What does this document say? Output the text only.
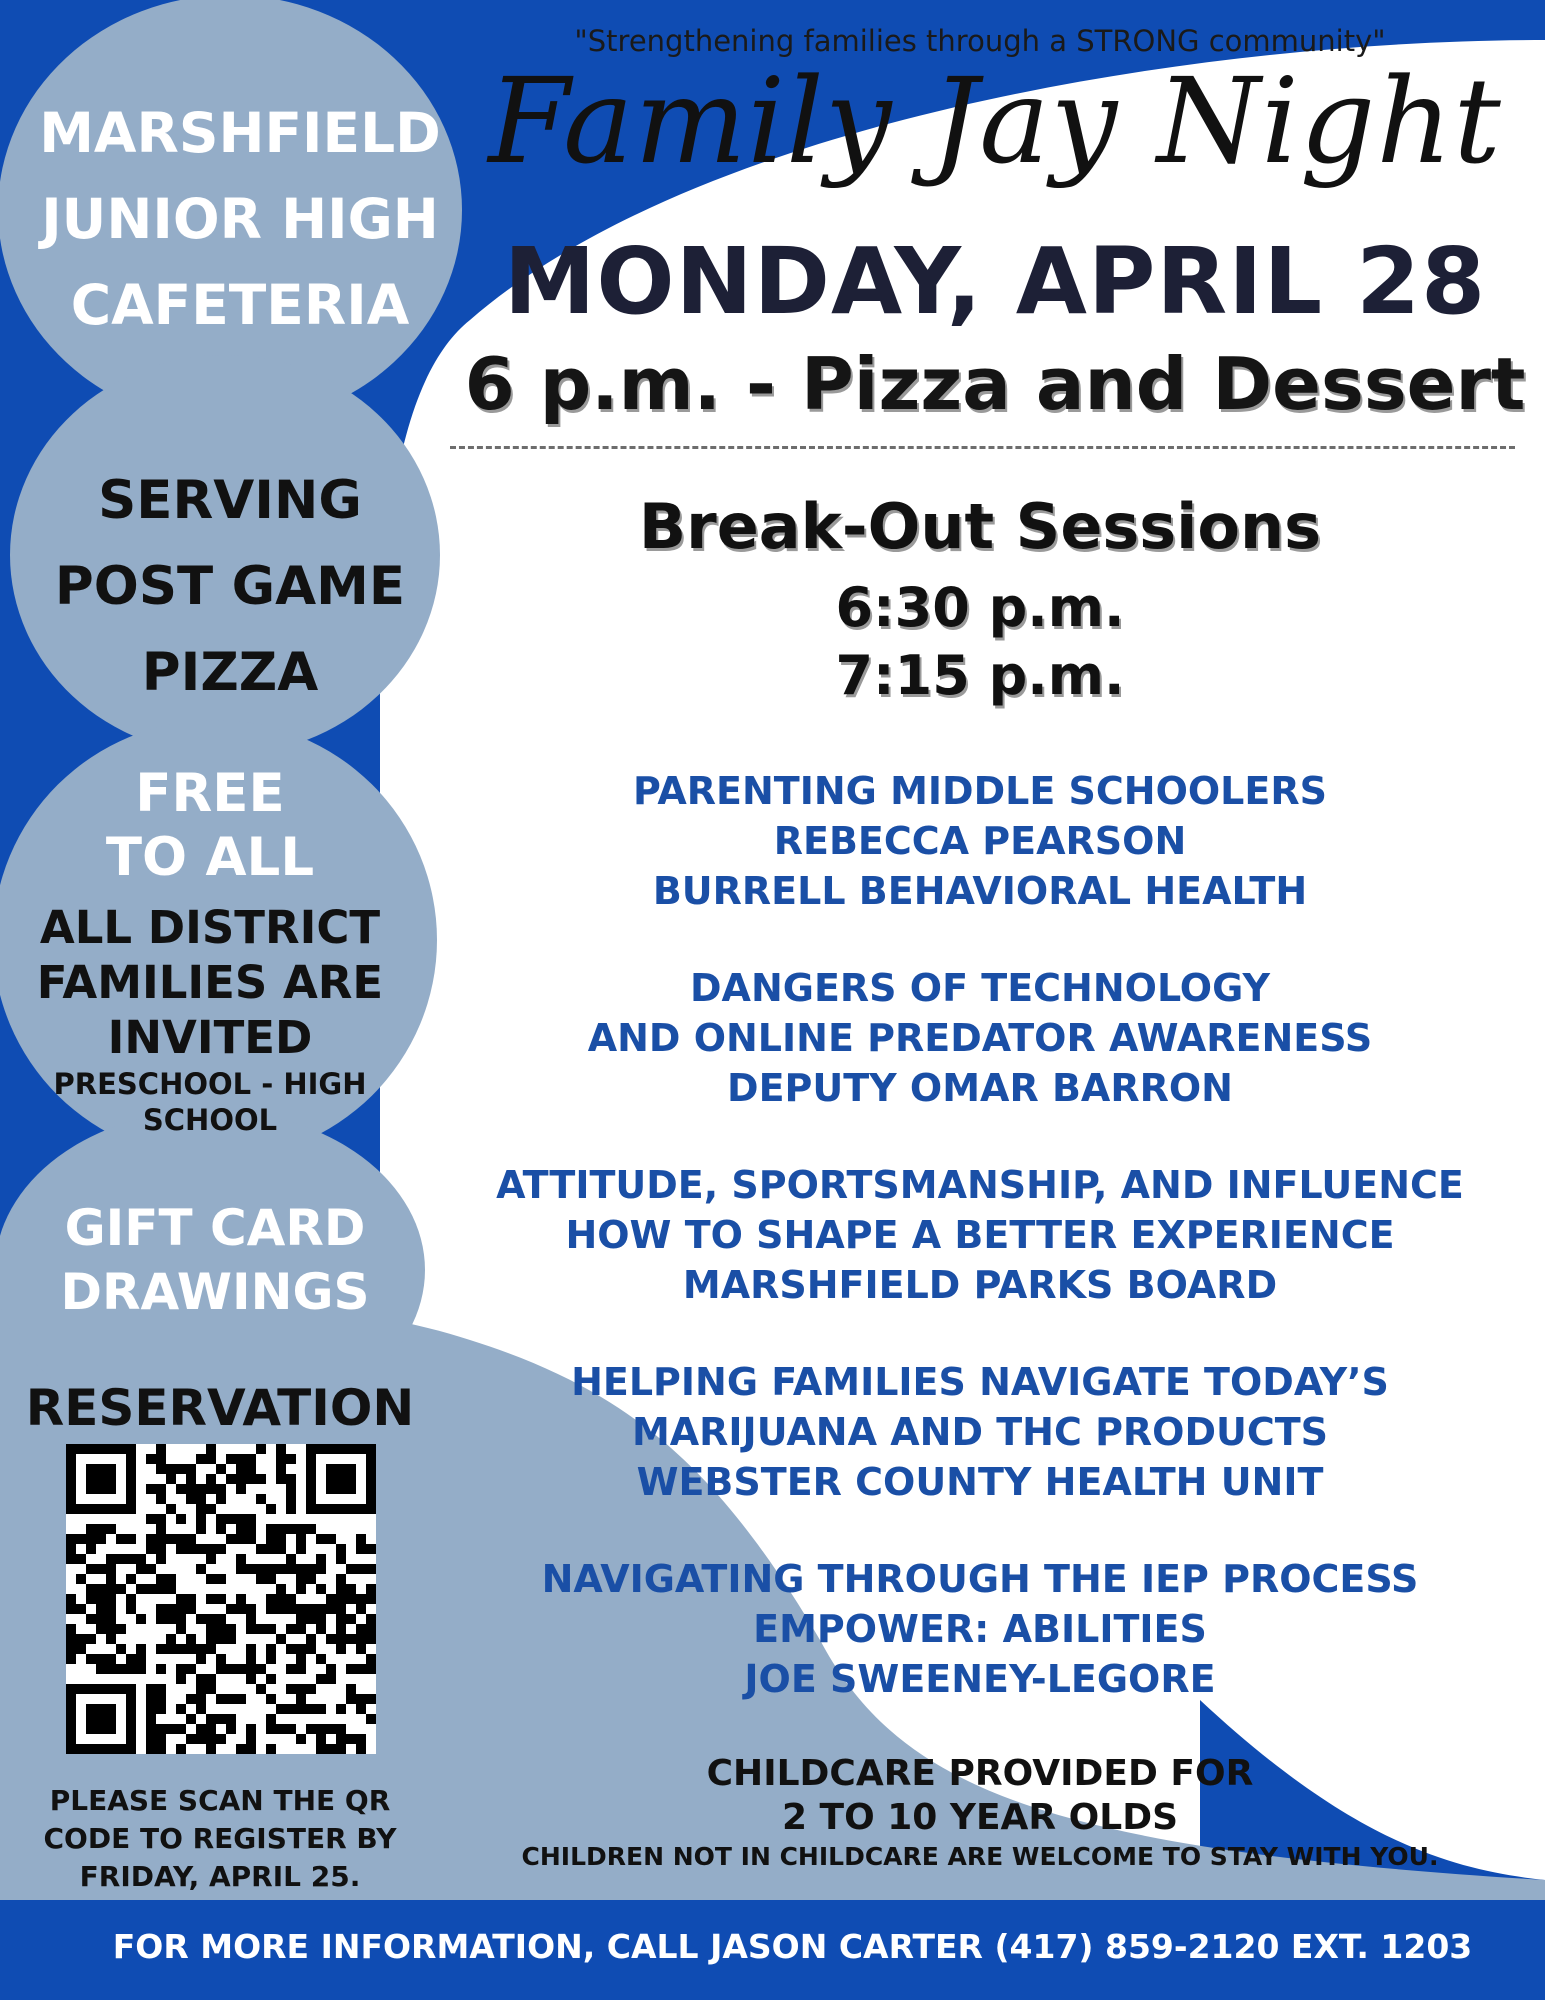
"Strengthening families through a STRONG community"
Family Jay Night
MONDAY, APRIL 28
6 p.m. - Pizza and Dessert
Break-Out Sessions
6:30 p.m.
7:15 p.m.
PARENTING MIDDLE SCHOOLERS
REBECCA PEARSON
BURRELL BEHAVIORAL HEALTH
DANGERS OF TECHNOLOGY
AND ONLINE PREDATOR AWARENESS
DEPUTY OMAR BARRON
ATTITUDE, SPORTSMANSHIP, AND INFLUENCE
HOW TO SHAPE A BETTER EXPERIENCE
MARSHFIELD PARKS BOARD
HELPING FAMILIES NAVIGATE TODAY’S
MARIJUANA AND THC PRODUCTS
WEBSTER COUNTY HEALTH UNIT
NAVIGATING THROUGH THE IEP PROCESS
EMPOWER: ABILITIES
JOE SWEENEY-LEGORE
CHILDCARE PROVIDED FOR
2 TO 10 YEAR OLDS
CHILDREN NOT IN CHILDCARE ARE WELCOME TO STAY WITH YOU.
MARSHFIELD
JUNIOR HIGH
CAFETERIA
SERVING
POST GAME
PIZZA
FREE
TO ALL
ALL DISTRICT
FAMILIES ARE
INVITED
PRESCHOOL - HIGH
SCHOOL
GIFT CARD
DRAWINGS
RESERVATION
PLEASE SCAN THE QR
CODE TO REGISTER BY
FRIDAY, APRIL 25.
FOR MORE INFORMATION, CALL JASON CARTER (417) 859-2120 EXT. 1203
